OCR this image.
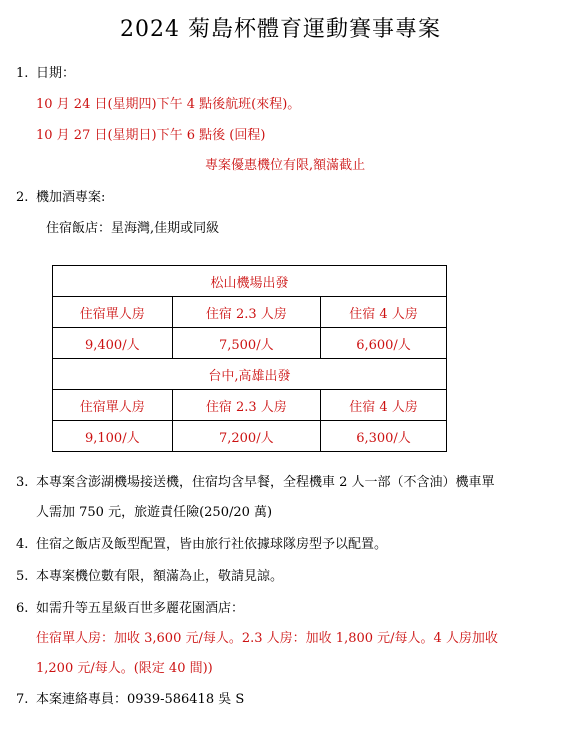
2024 菊島杯體育運動賽事專案
1. 日期：
10 月 24 日(星期四)下午 4 點後航班(來程)。
10 月 27 日(星期日)下午 6 點後 (回程)
專案優惠機位有限,額滿截止
2. 機加酒專案:
住宿飯店：星海灣,佳期或同級
松山機場出發		
住宿單人房	住宿 2.3 人房	住宿 4 人房
9,400/人	7,500/人	6,600/人
台中,高雄出發		
住宿單人房	住宿 2.3 人房	住宿 4 人房
9,100/人	7,200/人	6,300/人
3. 本專案含澎湖機場接送機，住宿均含早餐，全程機車 2 人一部（不含油）機車單
人需加 750 元，旅遊責任險(250/20 萬)
4. 住宿之飯店及飯型配置，皆由旅行社依據球隊房型予以配置。
5. 本專案機位數有限，額滿為止，敬請見諒。
6. 如需升等五星級百世多麗花園酒店：
住宿單人房：加收 3,600 元/每人。2.3 人房：加收 1,800 元/每人。4 人房加收
1,200 元/每人。(限定 40 間))
7. 本案連絡專員：0939-586418 吳 S
